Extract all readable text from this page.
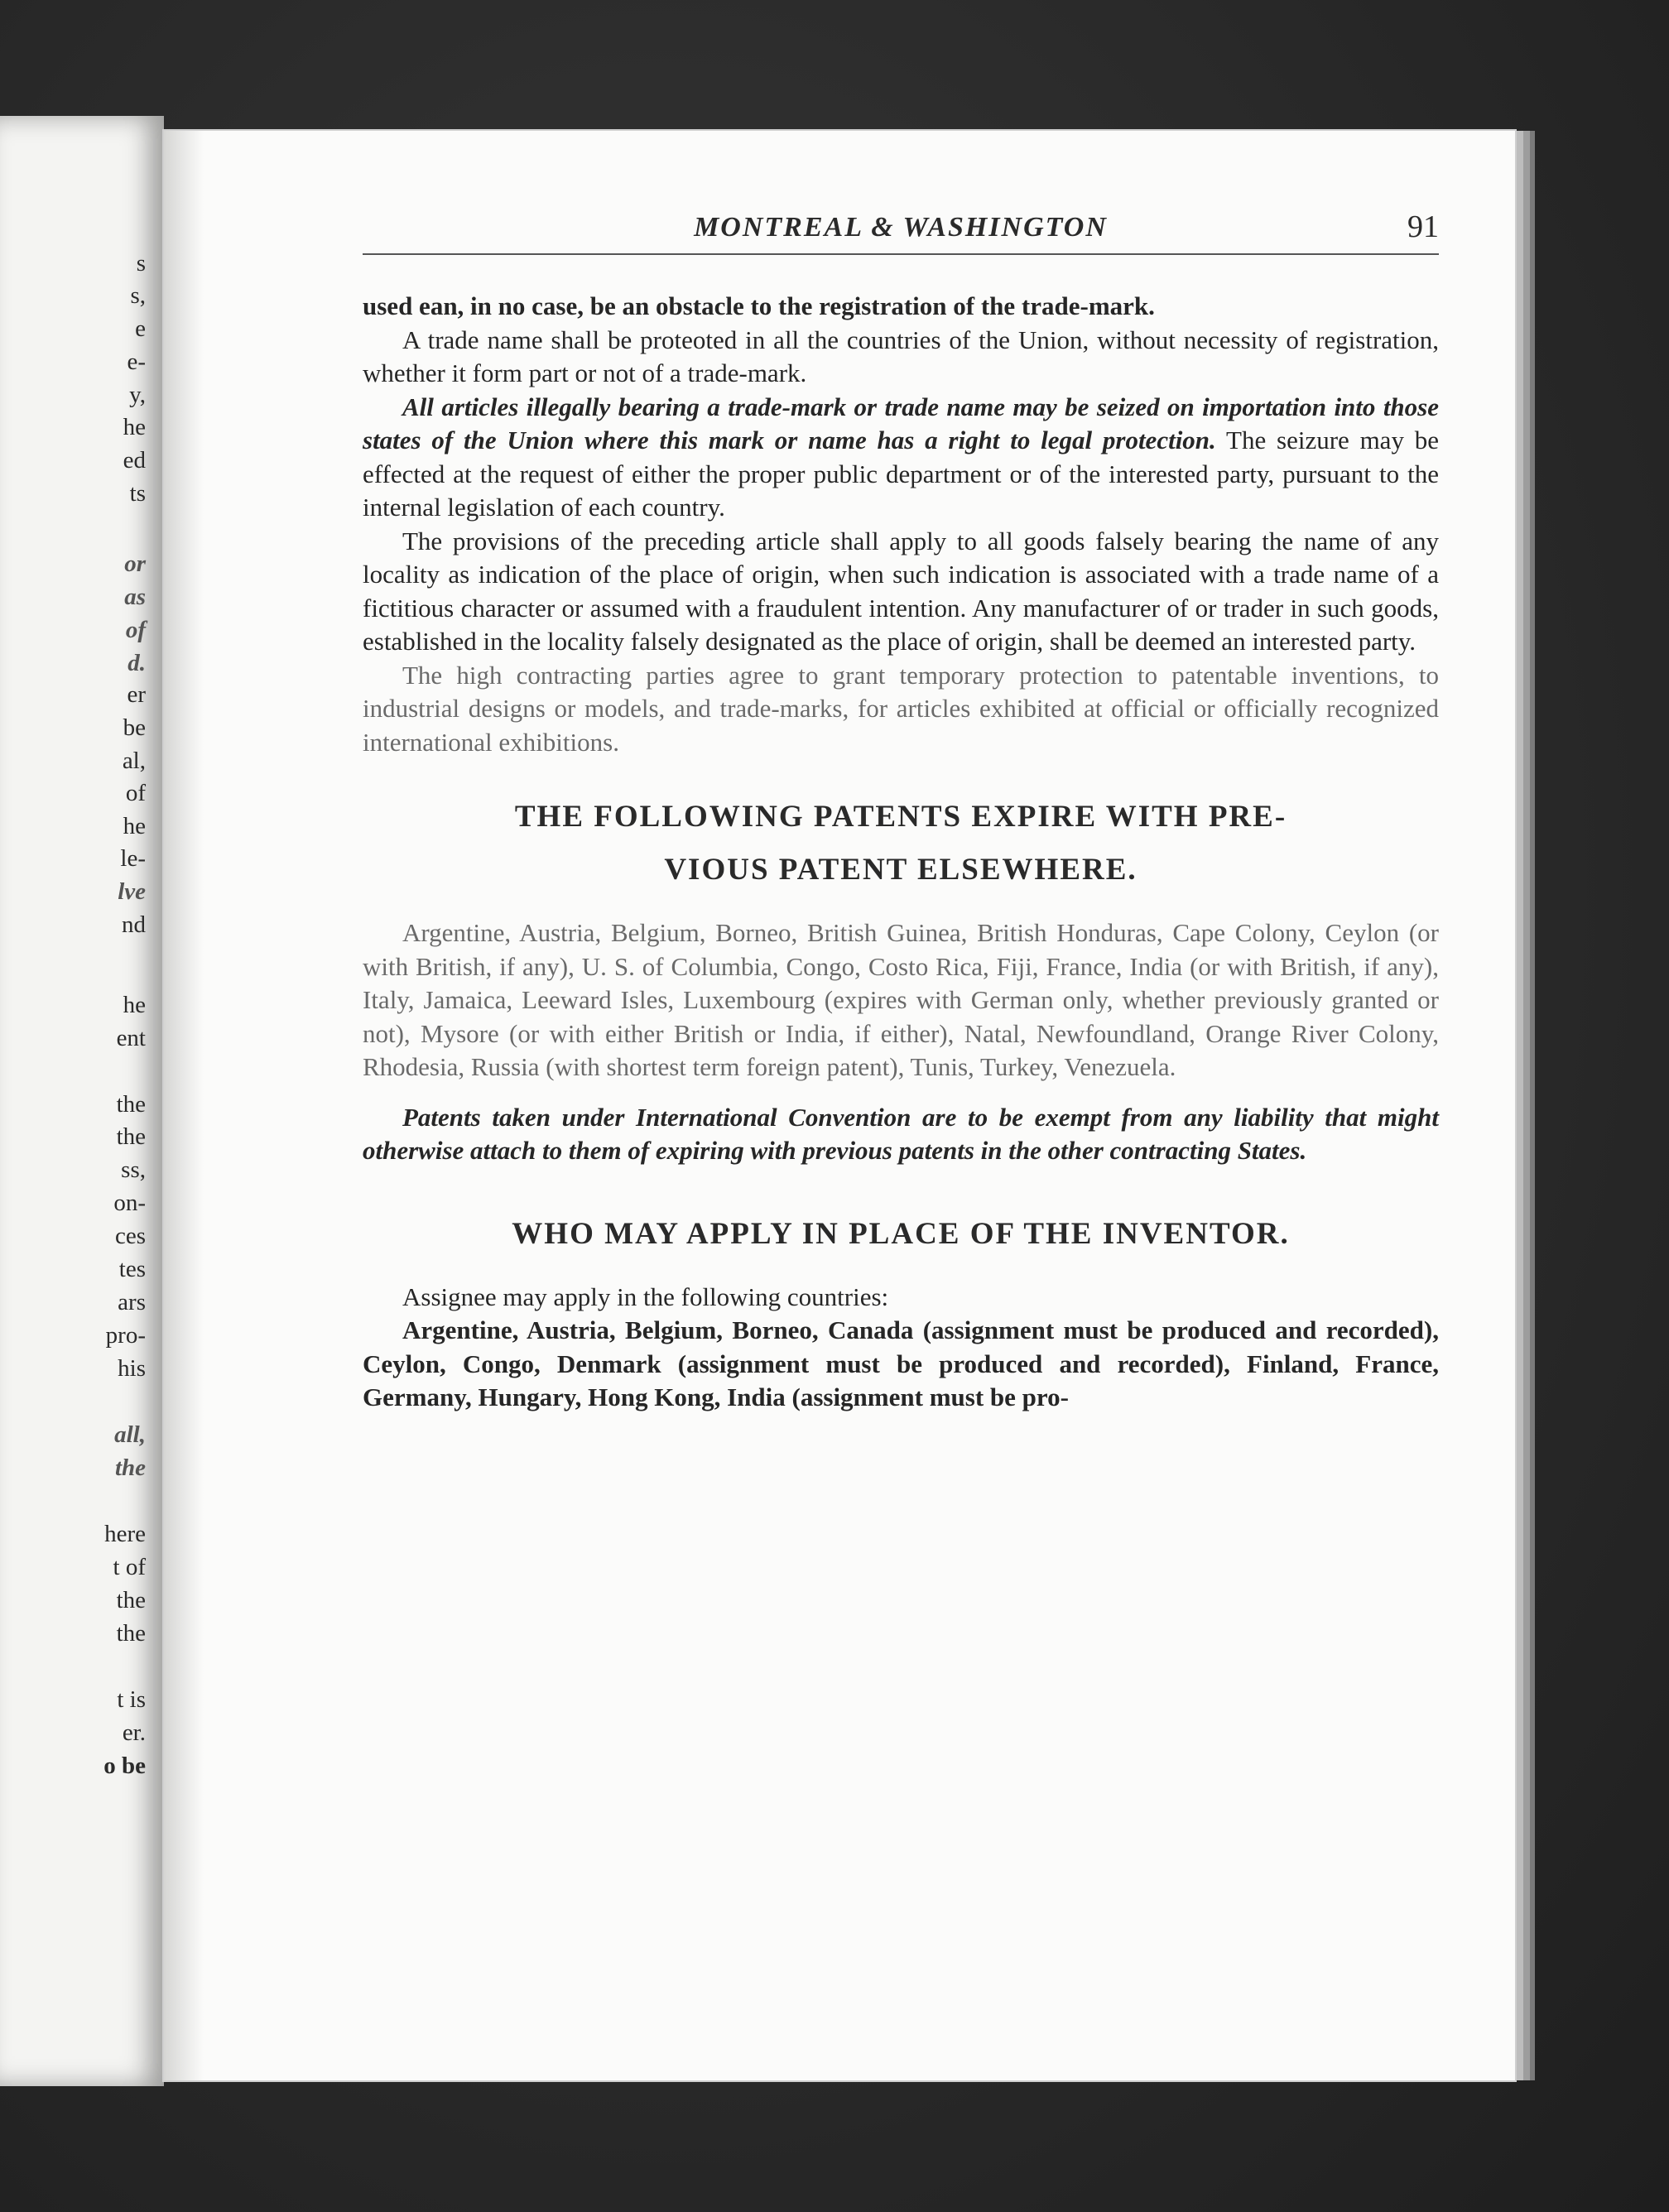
s
s,
e
e-
y,
he
ed
ts
or
as
of
d.
er
be
al,
of
he
le-
lve
nd
he
ent
the
the
ss,
on-
ces
tes
ars
pro-
his
all,
the
here
t of
the
the
t is
er.
o be
MONTREAL & WASHINGTON	91

used ean, in no case, be an obstacle to the registration of the trade-mark.

A trade name shall be proteoted in all the countries of the Union, without necessity of registration, whether it form part or not of a trade-mark.

All articles illegally bearing a trade-mark or trade name may be seized on importation into those states of the Union where this mark or name has a right to legal protection. The seizure may be effected at the request of either the proper public department or of the interested party, pursuant to the internal legislation of each country.

The provisions of the preceding article shall apply to all goods falsely bearing the name of any locality as indication of the place of origin, when such indication is associated with a trade name of a fictitious character or assumed with a fraudulent intention. Any manufacturer of or trader in such goods, established in the locality falsely designated as the place of origin, shall be deemed an interested party.

The high contracting parties agree to grant temporary protection to patentable inventions, to industrial designs or models, and trade-marks, for articles exhibited at official or officially recognized international exhibitions.

THE FOLLOWING PATENTS EXPIRE WITH PRE-
VIOUS PATENT ELSEWHERE.

Argentine, Austria, Belgium, Borneo, British Guinea, British Honduras, Cape Colony, Ceylon (or with British, if any), U. S. of Columbia, Congo, Costo Rica, Fiji, France, India (or with British, if any), Italy, Jamaica, Leeward Isles, Luxembourg (expires with German only, whether previously granted or not), Mysore (or with either British or India, if either), Natal, Newfoundland, Orange River Colony, Rhodesia, Russia (with shortest term foreign patent), Tunis, Turkey, Venezuela.

Patents taken under International Convention are to be exempt from any liability that might otherwise attach to them of expiring with previous patents in the other contracting States.

WHO MAY APPLY IN PLACE OF THE INVENTOR.

Assignee may apply in the following countries:

Argentine, Austria, Belgium, Borneo, Canada (assignment must be produced and recorded), Ceylon, Congo, Denmark (assignment must be produced and recorded), Finland, France, Germany, Hungary, Hong Kong, India (assignment must be pro-
